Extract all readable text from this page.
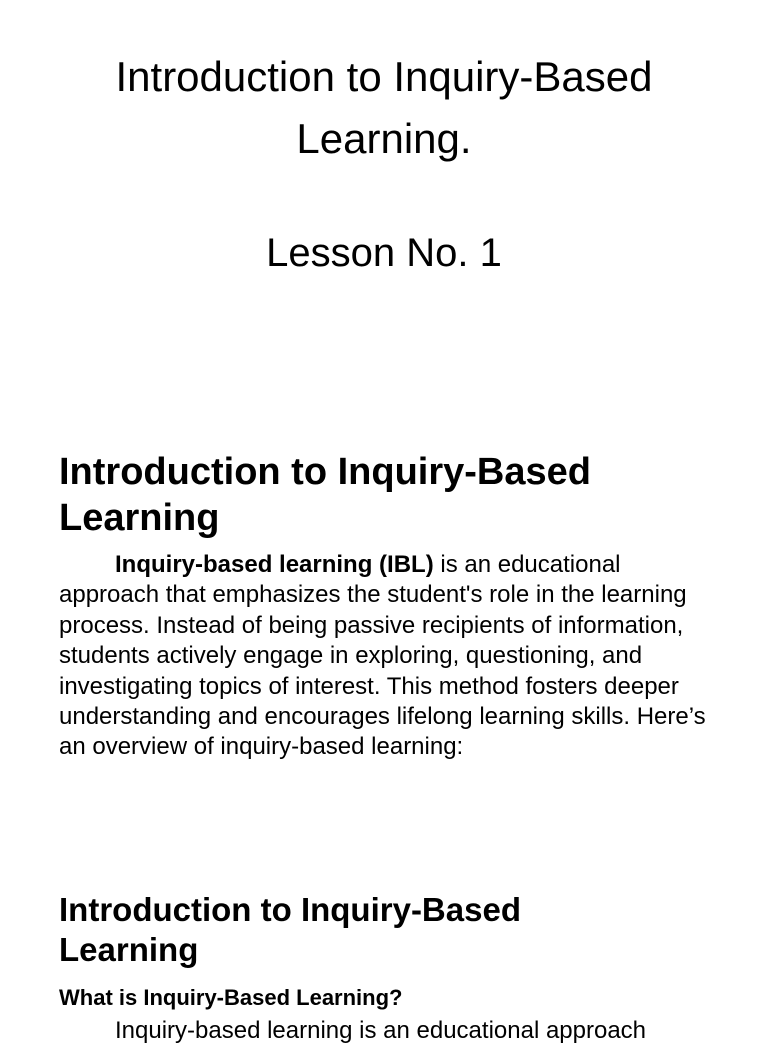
Introduction to Inquiry-Based Learning.
Lesson No. 1
Introduction to Inquiry-Based Learning

Inquiry-based learning (IBL) is an educational approach that emphasizes the student's role in the learning process. Instead of being passive recipients of information, students actively engage in exploring, questioning, and investigating topics of interest. This method fosters deeper understanding and encourages lifelong learning skills. Here’s an overview of inquiry-based learning:

Introduction to Inquiry-Based Learning
What is Inquiry-Based Learning?

Inquiry-based learning is an educational approach
